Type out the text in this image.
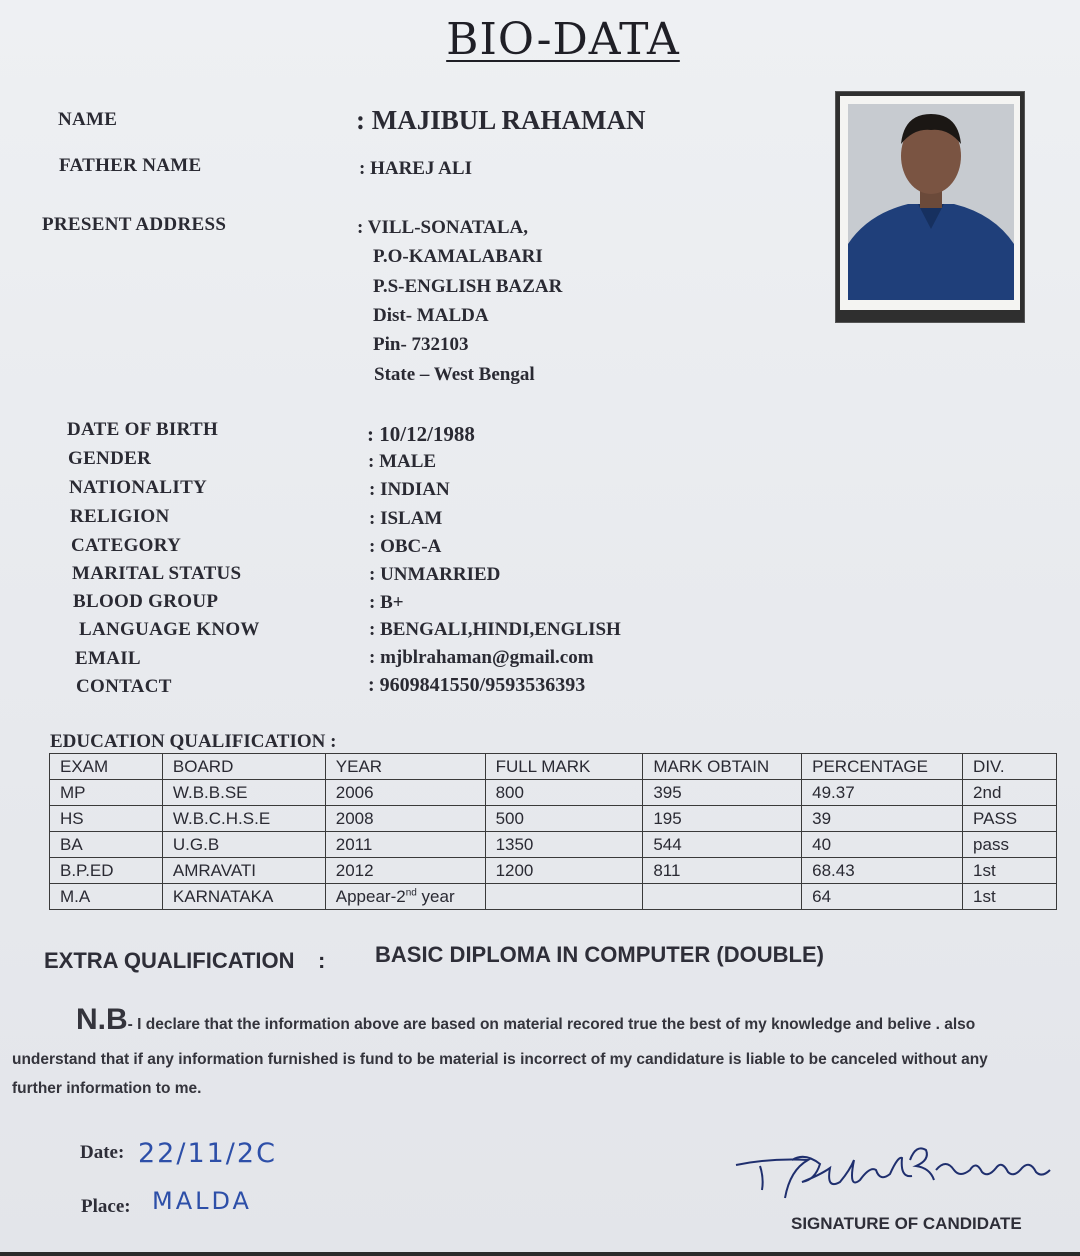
BIO-DATA
NAME	: MAJIBUL RAHAMAN
FATHER NAME	: HAREJ ALI
PRESENT ADDRESS	: VILL-SONATALA,
P.O-KAMALABARI
P.S-ENGLISH BAZAR
Dist- MALDA
Pin- 732103
State – West Bengal
DATE OF BIRTH	: 10/12/1988
GENDER	: MALE
NATIONALITY	: INDIAN
RELIGION	: ISLAM
CATEGORY	: OBC-A
MARITAL STATUS	: UNMARRIED
BLOOD GROUP	: B+
LANGUAGE KNOW	: BENGALI,HINDI,ENGLISH
EMAIL	: mjblrahaman@gmail.com
CONTACT	: 9609841550/9593536393
EDUCATION QUALIFICATION :
EXAM	BOARD	YEAR	FULL MARK	MARK OBTAIN	PERCENTAGE	DIV.
MP	W.B.B.SE	2006	800	395	49.37	2nd
HS	W.B.C.H.S.E	2008	500	195	39	PASS
BA	U.G.B	2011	1350	544	40	pass
B.P.ED	AMRAVATI	2012	1200	811	68.43	1st
M.A	KARNATAKA	Appear-2nd year			64	1st
EXTRA QUALIFICATION : BASIC DIPLOMA IN COMPUTER (DOUBLE)
N.B- I declare that the information above are based on material recored true the best of my knowledge and belive . also
understand that if any information furnished is fund to be material is incorrect of my candidature is liable to be canceled without any
further information to me.
Date: 22/11/2C
Place: MALDA
SIGNATURE OF CANDIDATE
